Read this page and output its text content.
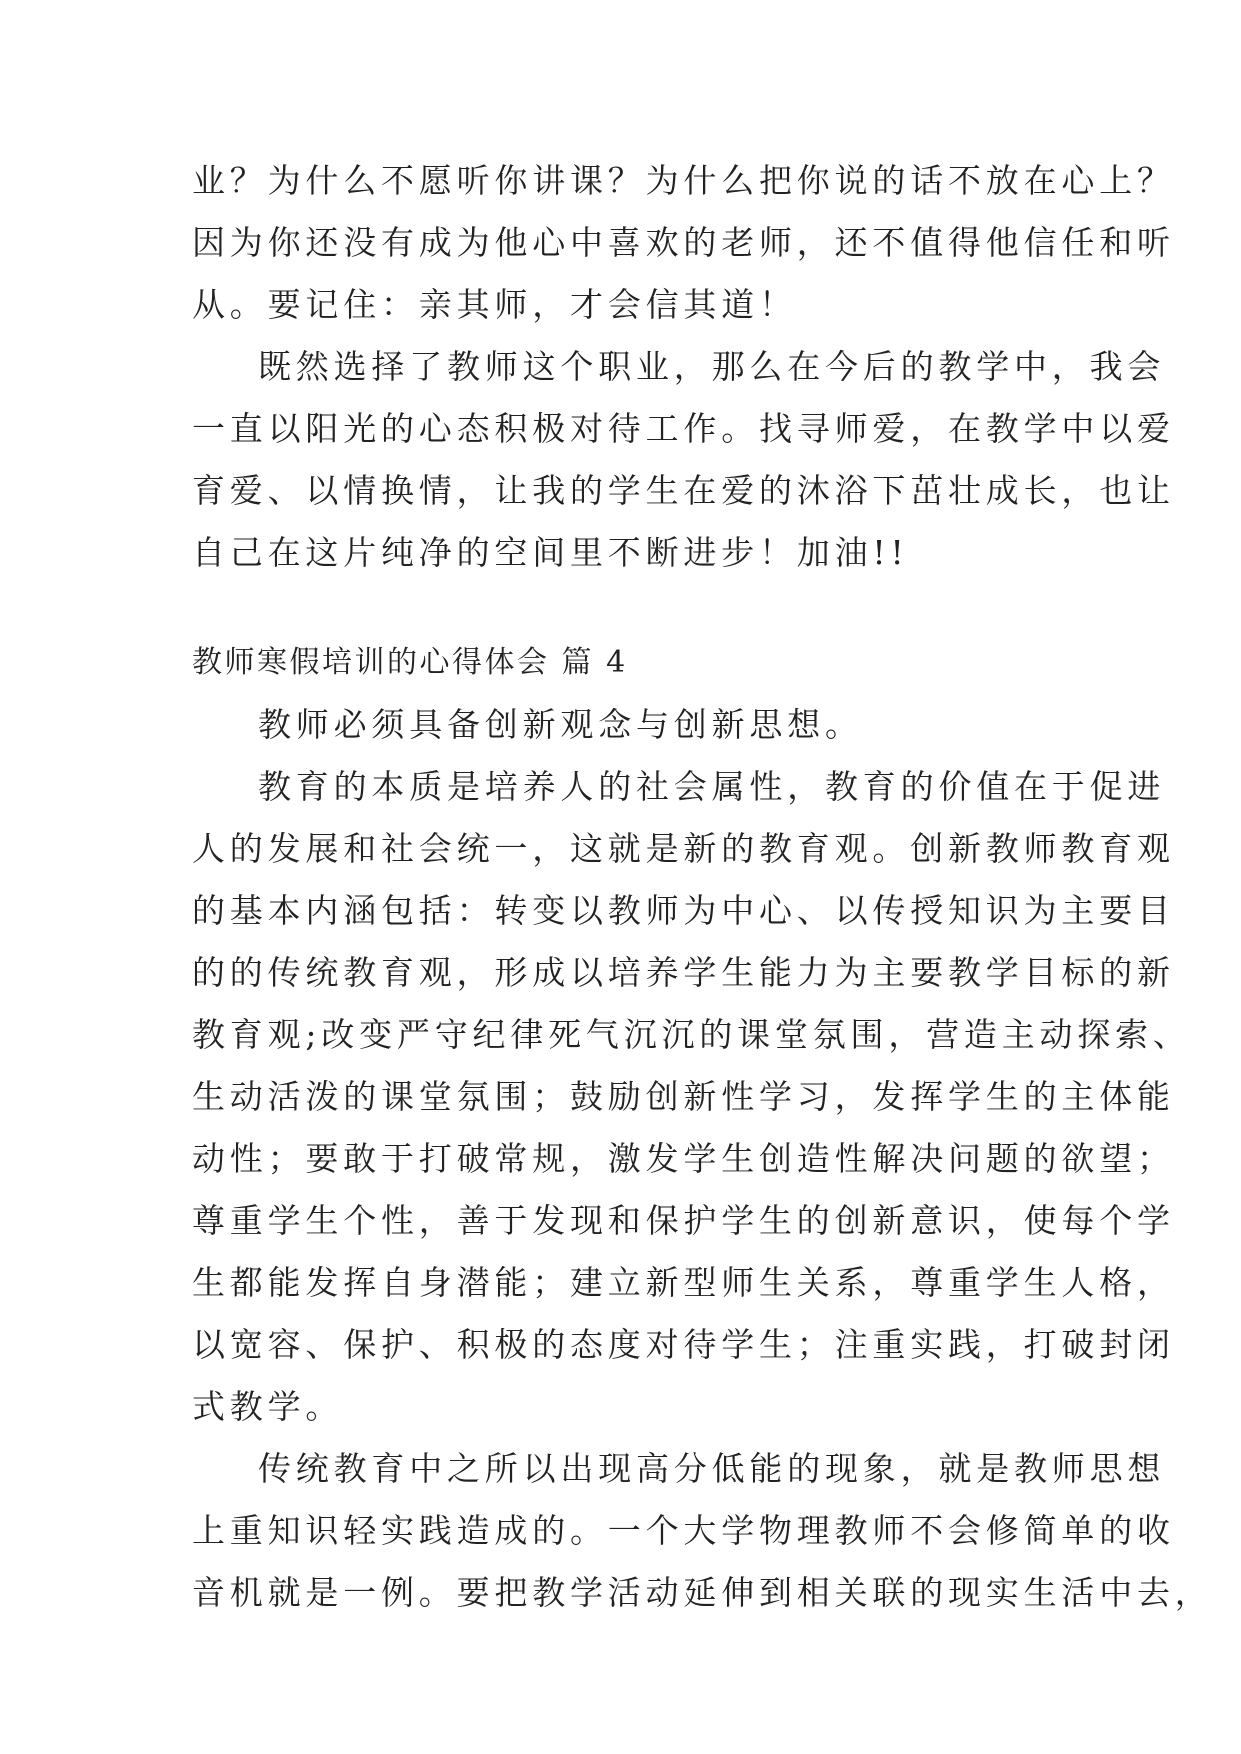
业？为什么不愿听你讲课？为什么把你说的话不放在心上？
因为你还没有成为他心中喜欢的老师，还不值得他信任和听
从。要记住：亲其师，才会信其道！
既然选择了教师这个职业，那么在今后的教学中，我会
一直以阳光的心态积极对待工作。找寻师爱，在教学中以爱
育爱、以情换情，让我的学生在爱的沐浴下茁壮成长，也让
自己在这片纯净的空间里不断进步！加油!!
教师寒假培训的心得体会 篇 4
教师必须具备创新观念与创新思想。
教育的本质是培养人的社会属性，教育的价值在于促进
人的发展和社会统一，这就是新的教育观。创新教师教育观
的基本内涵包括：转变以教师为中心、以传授知识为主要目
的的传统教育观，形成以培养学生能力为主要教学目标的新
教育观;改变严守纪律死气沉沉的课堂氛围，营造主动探索、
生动活泼的课堂氛围；鼓励创新性学习，发挥学生的主体能
动性；要敢于打破常规，激发学生创造性解决问题的欲望；
尊重学生个性，善于发现和保护学生的创新意识，使每个学
生都能发挥自身潜能；建立新型师生关系，尊重学生人格，
以宽容、保护、积极的态度对待学生；注重实践，打破封闭
式教学。
传统教育中之所以出现高分低能的现象，就是教师思想
上重知识轻实践造成的。一个大学物理教师不会修简单的收
音机就是一例。要把教学活动延伸到相关联的现实生活中去，
